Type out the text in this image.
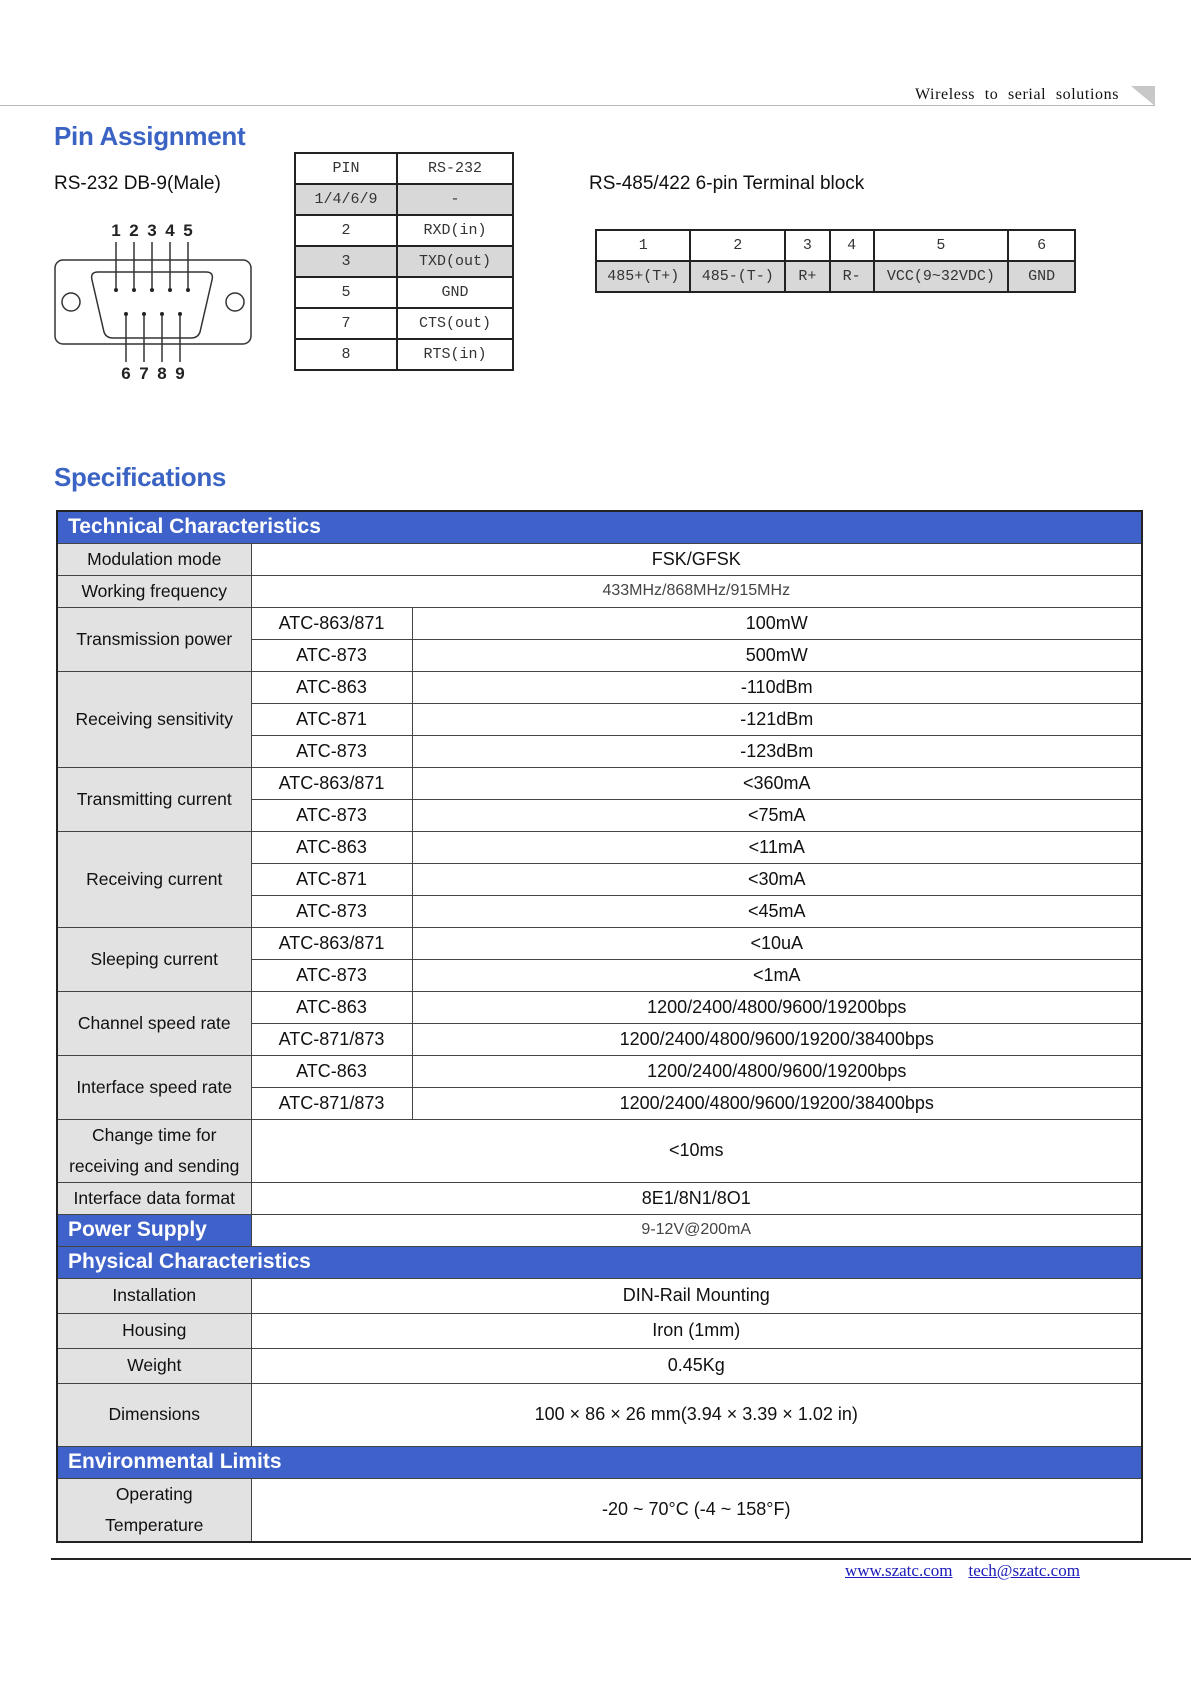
Wireless to serial solutions
Pin Assignment
RS-232 DB-9(Male)	RS-485/422 6-pin Terminal block
1 2 3 4 5
6 7 8 9
PIN	RS-232
1/4/6/9	-
2	RXD(in)
3	TXD(out)
5	GND
7	CTS(out)
8	RTS(in)
1	2	3	4	5	6
485+(T+)	485-(T-)	R+	R-	VCC(9~32VDC)	GND
Specifications
Technical Characteristics		
Modulation mode	FSK/GFSK	
Working frequency	433MHz/868MHz/915MHz	
Transmission power	ATC-863/871	100mW
	ATC-873	500mW
Receiving sensitivity	ATC-863	-110dBm
	ATC-871	-121dBm
	ATC-873	-123dBm
Transmitting current	ATC-863/871	<360mA
	ATC-873	<75mA
Receiving current	ATC-863	<11mA
	ATC-871	<30mA
	ATC-873	<45mA
Sleeping current	ATC-863/871	<10uA
	ATC-873	<1mA
Channel speed rate	ATC-863	1200/2400/4800/9600/19200bps
	ATC-871/873	1200/2400/4800/9600/19200/38400bps
Interface speed rate	ATC-863	1200/2400/4800/9600/19200bps
	ATC-871/873	1200/2400/4800/9600/19200/38400bps

Change time for
receiving and sending	<10ms	
Interface data format	8E1/8N1/8O1	
Power Supply	9-12V@200mA	
Physical Characteristics		
Installation	DIN-Rail Mounting	
Housing	Iron (1mm)	
Weight	0.45Kg	
Dimensions	100 × 86 × 26 mm(3.94 × 3.39 × 1.02 in)	
Environmental Limits		

Operating
Temperature	-20 ~ 70°C (-4 ~ 158°F)	
www.szatc.com tech@szatc.com
